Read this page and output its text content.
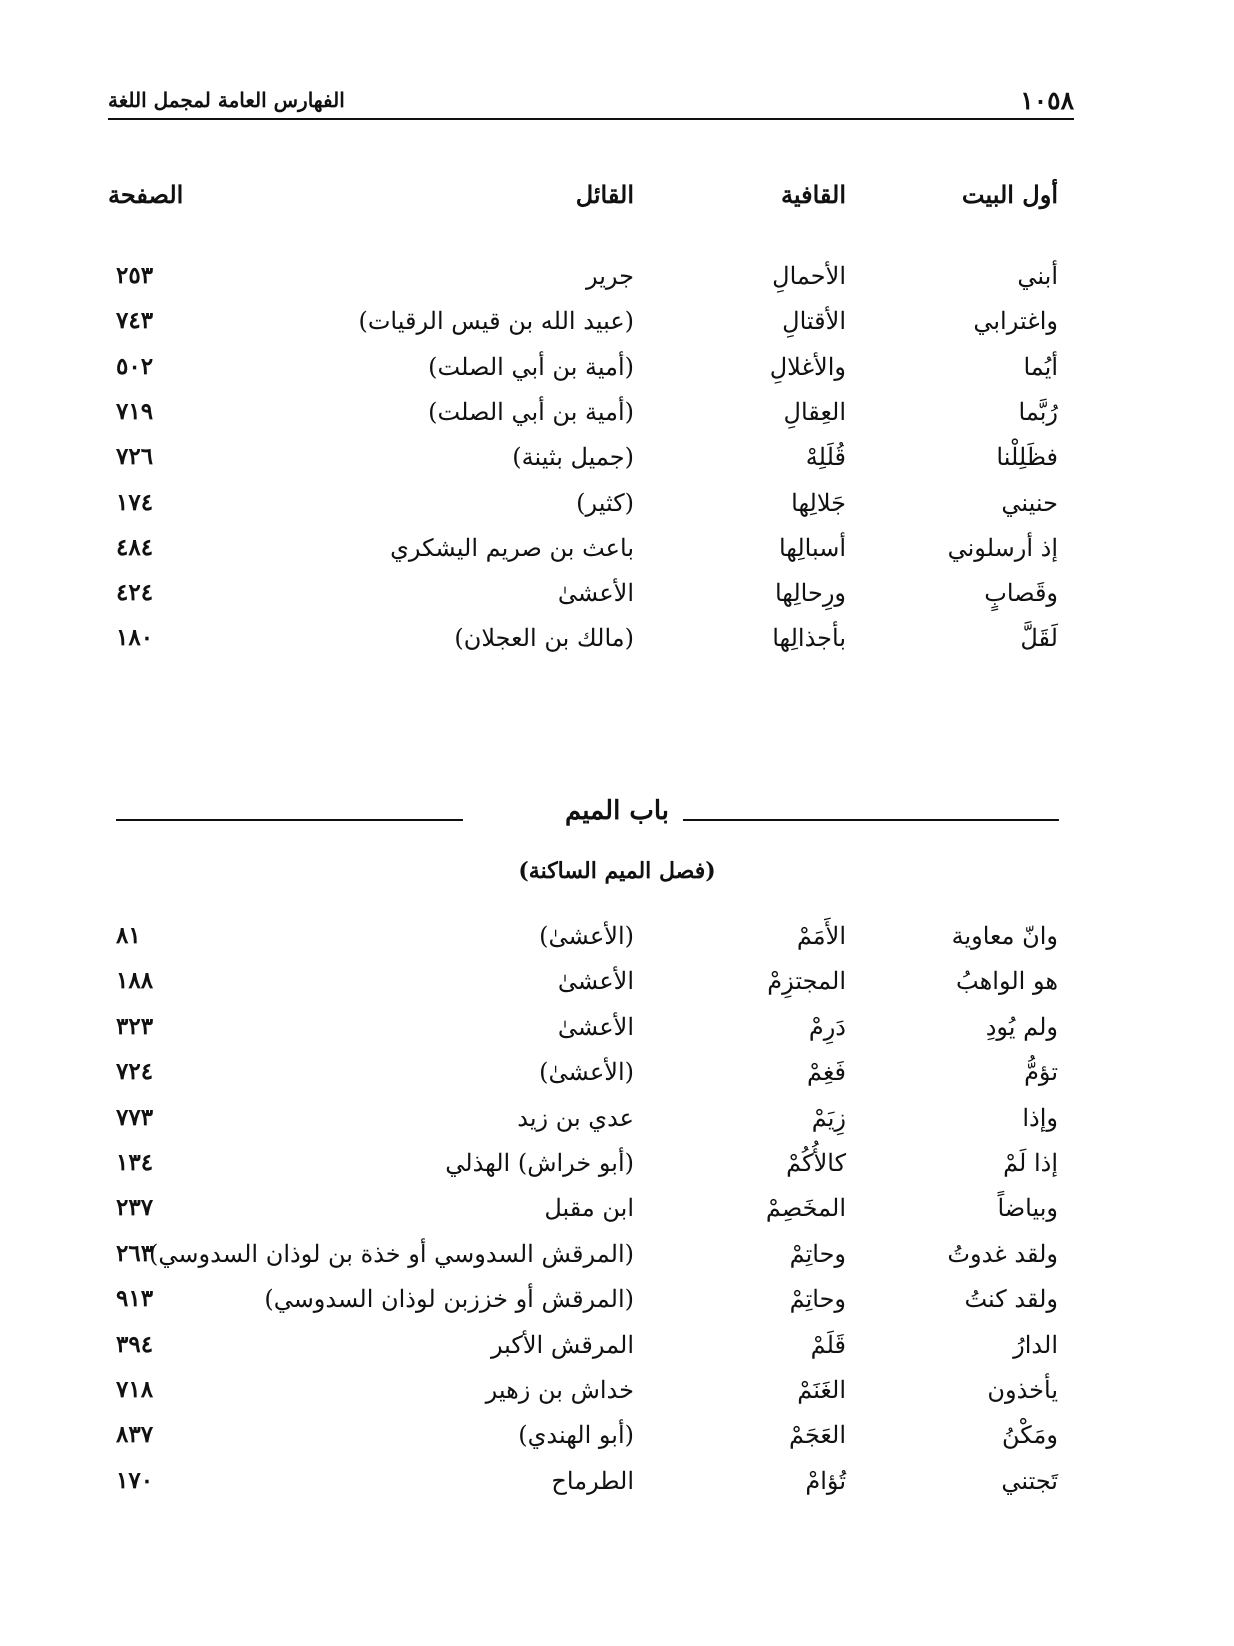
١٠٥٨
الفهارس العامة لمجمل اللغة
أول البيت
القافية
القائل
الصفحة
أبني
الأحمالِ
جرير
٢٥٣
واغترابي
الأقتالِ
(عبيد الله بن قيس الرقيات)
٧٤٣
أيُما
والأغلالِ
(أمية بن أبي الصلت)
٥٠٢
رُبَّما
العِقالِ
(أمية بن أبي الصلت)
٧١٩
فظَلِلْنا
قُلَلِهْ
(جميل بثينة)
٧٢٦
حنيني
جَلالِها
(كثير)
١٧٤
إذ أرسلوني
أسبالِها
باعث بن صريم اليشكري
٤٨٤
وقَصابٍ
ورِحالِها
الأعشىٰ
٤٢٤
لَقَلَّ
بأجذالِها
(مالك بن العجلان)
١٨٠
باب الميم
(فصل الميم الساكنة)
وانّ معاوية
الأَمَمْ
(الأعشىٰ)
٨١
هو الواهبُ
المجتزِمْ
الأعشىٰ
١٨٨
ولم يُودِ
دَرِمْ
الأعشىٰ
٣٢٣
تؤمُّ
فَغِمْ
(الأعشىٰ)
٧٢٤
وإذا
زِيَمْ
عدي بن زيد
٧٧٣
إذا لَمْ
كالأُكُمْ
(أبو خراش) الهذلي
١٣٤
وبياضاً
المخَصِمْ
ابن مقبل
٢٣٧
ولقد غدوتُ
وحاتِمْ
(المرقش السدوسي أو خذة بن لوذان السدوسي)
٢٦٣
ولقد كنتُ
وحاتِمْ
(المرقش أو خززبن لوذان السدوسي)
٩١٣
الدارُ
قَلَمْ
المرقش الأكبر
٣٩٤
يأخذون
الغَنَمْ
خداش بن زهير
٧١٨
ومَكْنُ
العَجَمْ
(أبو الهندي)
٨٣٧
تَجتني
تُؤامْ
الطرماح
١٧٠
